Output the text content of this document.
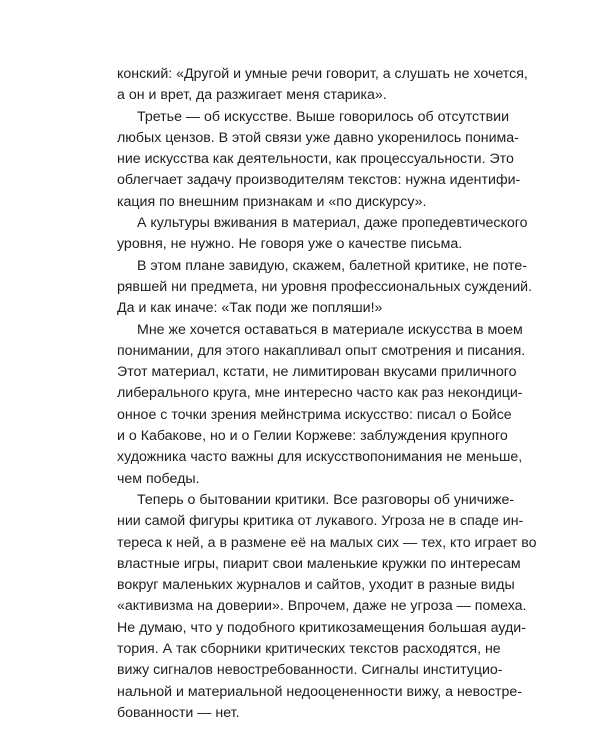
конский: «Другой и умные речи говорит, а слушать не хочется,
а он и врет, да разжигает меня старика».
Третье — об искусстве. Выше говорилось об отсутствии
любых цензов. В этой связи уже давно укоренилось понима-
ние искусства как деятельности, как процессуальности. Это
облегчает задачу производителям текстов: нужна идентифи-
кация по внешним признакам и «по дискурсу».
А культуры вживания в материал, даже пропедевтического
уровня, не нужно. Не говоря уже о качестве письма.
В этом плане завидую, скажем, балетной критике, не поте-
рявшей ни предмета, ни уровня профессиональных суждений.
Да и как иначе: «Так поди же попляши!»
Мне же хочется оставаться в материале искусства в моем
понимании, для этого накапливал опыт смотрения и писания.
Этот материал, кстати, не лимитирован вкусами приличного
либерального круга, мне интересно часто как раз некондици-
онное с точки зрения мейнстрима искусство: писал о Бойсе
и о Кабакове, но и о Гелии Коржеве: заблуждения крупного
художника часто важны для искусствопонимания не меньше,
чем победы.
Теперь о бытовании критики. Все разговоры об уничиже-
нии самой фигуры критика от лукавого. Угроза не в спаде ин-
тереса к ней, а в размене её на малых сих — тех, кто играет во
властные игры, пиарит свои маленькие кружки по интересам
вокруг маленьких журналов и сайтов, уходит в разные виды
«активизма на доверии». Впрочем, даже не угроза — помеха.
Не думаю, что у подобного критикозамещения большая ауди-
тория. А так сборники критических текстов расходятся, не
вижу сигналов невостребованности. Сигналы институцио-
нальной и материальной недооцененности вижу, а невостре-
бованности — нет.
